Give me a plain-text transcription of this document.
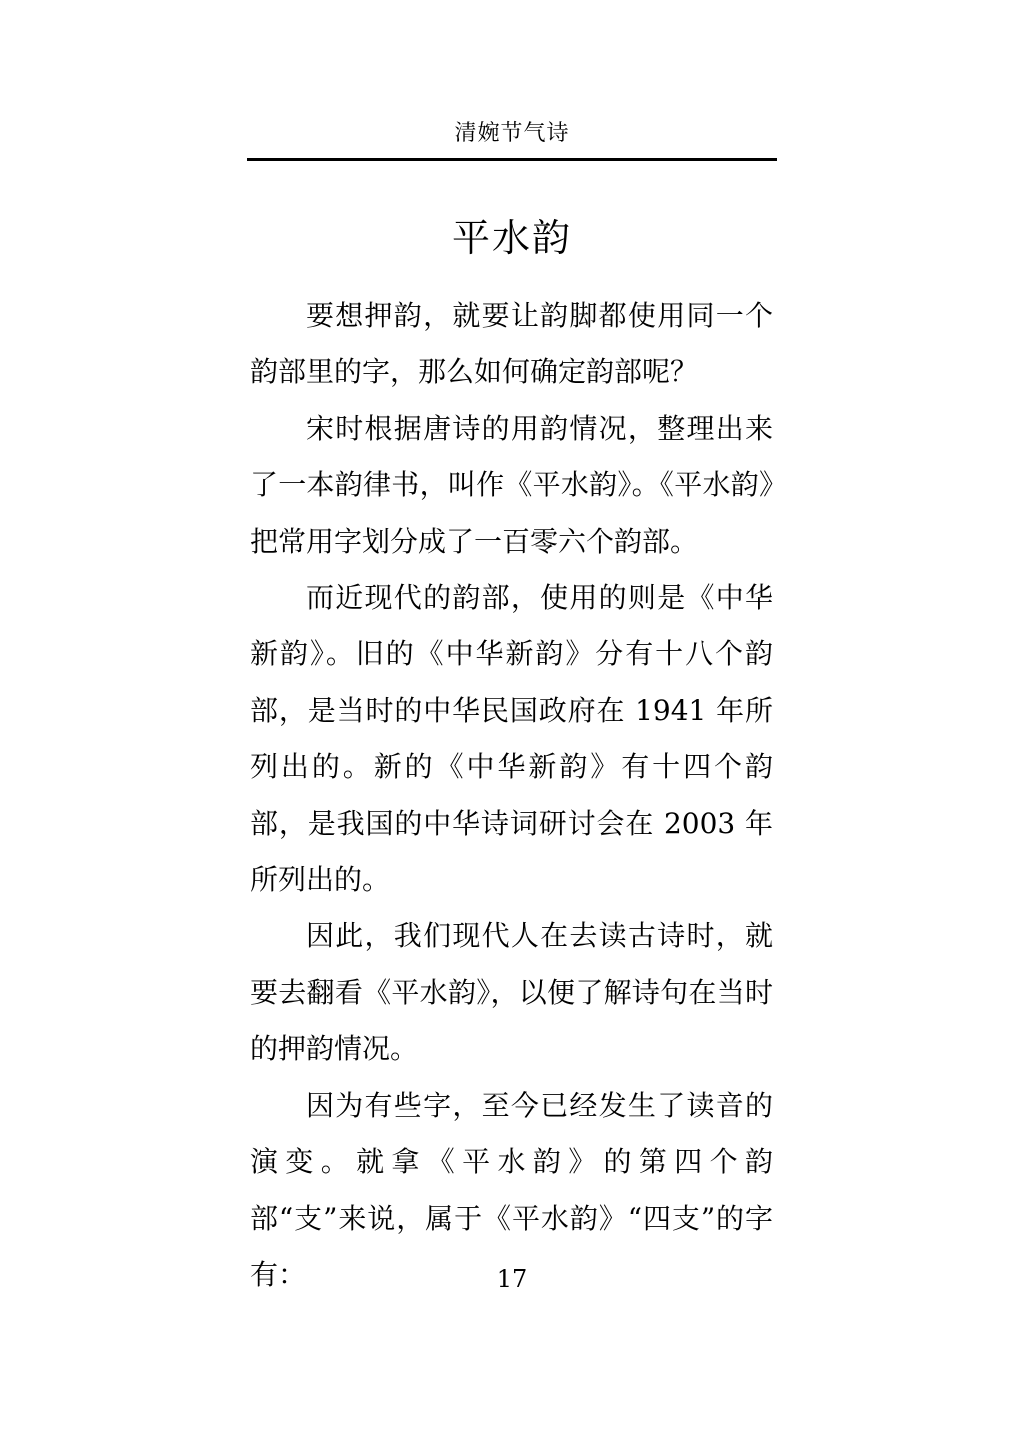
清婉节气诗
平水韵

要想押韵，就要让韵脚都使用同一个韵部里的字，那么如何确定韵部呢？

宋时根据唐诗的用韵情况，整理出来了一本韵律书，叫作《平水韵》。《平水韵》把常用字划分成了一百零六个韵部。

而近现代的韵部，使用的则是《中华新韵》。旧的《中华新韵》分有十八个韵部，是当时的中华民国政府在 1941 年所列出的。新的《中华新韵》有十四个韵部，是我国的中华诗词研讨会在 2003 年所列出的。

因此，我们现代人在去读古诗时，就要去翻看《平水韵》，以便了解诗句在当时的押韵情况。

因为有些字，至今已经发生了读音的演变。就拿《平水韵》的第四个韵部“支”来说，属于《平水韵》“四支”的字有：	17
